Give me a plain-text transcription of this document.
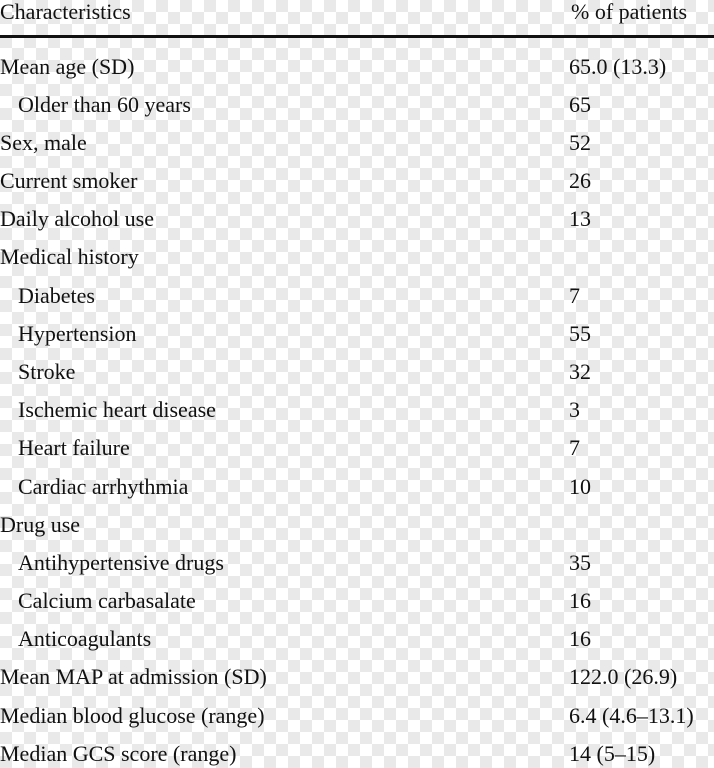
Characteristics	% of patients
Mean age (SD)	65.0 (13.3)
Older than 60 years	65
Sex, male	52
Current smoker	26
Daily alcohol use	13
Medical history
Diabetes	7
Hypertension	55
Stroke	32
Ischemic heart disease	3
Heart failure	7
Cardiac arrhythmia	10
Drug use
Antihypertensive drugs	35
Calcium carbasalate	16
Anticoagulants	16
Mean MAP at admission (SD)	122.0 (26.9)
Median blood glucose (range)	6.4 (4.6–13.1)
Median GCS score (range)	14 (5–15)
